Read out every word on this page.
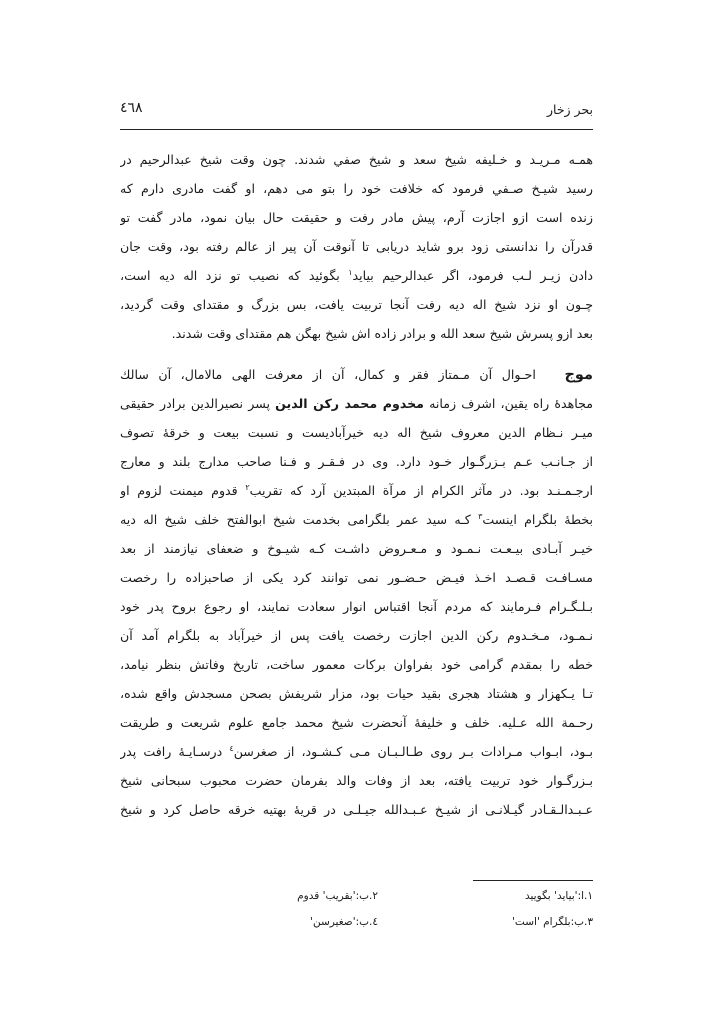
بحر زخار
٤٦٨
همـه مـريـد و خـليفه شيخ سعد و شيخ صفي شدند. چون وقت شيخ عبدالرحيم در
رسيد شيـخ صـفي فرمود كه خلافت خود را بتو مى دهم، او گفت مادرى دارم كه
زنده است ازو اجازت آرم، پيش مادر رفت و حقيقت حال بيان نمود، مادر گفت تو
قدرآن را ندانستى زود برو شايد دريابى تا آنوقت آن پير از عالم رفته بود، وقت جان
دادن زيـر لـب فرمود، اگر عبدالرحيم بيايد$^١$ بگوئيد كه نصيب تو نزد اله ديه است،
چـون او نزد شيخ اله ديه رفت آنجا تربيت يافت، بس بزرگ و مقتداى وقت گرديد،
بعد ازو پسرش شيخ سعد الله و برادر زاده اش شيخ بهگن هم مقتداى وقت شدند.
موج   احـوال آن مـمتاز فقر و كمال، آن از معرفت الهى مالامال، آن سالك
مجاهدهٔ راه يقين، اشرف زمانه مخدوم محمد ركن الدين پسر نصيرالدين برادر حقيقى
ميـر نـظام الدين معروف شيخ اله ديه خيرآباديست و نسبت بيعت و خرقهٔ تصوف
از جـانـب عـم بـزرگـوار خـود دارد. وى در فـقـر و فـنا صاحب مدارج بلند و معارج
ارجـمـنـد بود. در مآثر الكرام از مرآة المبتدين آرد كه تقريب$^٢$ قدوم ميمنت لزوم او
بخطهٔ بلگرام اينست$^٣$ كـه سيد عمر بلگرامى بخدمت شيخ ابوالفتح خلف شيخ اله ديه
خيـر آبـادى بيـعـت نـمـود و مـعـروض داشـت كـه شيـوخ و ضعفاى نيازمند از بعد
مسـافـت قـصـد اخـذ فيـض حـضـور نمى توانند كرد يكى از صاحبزاده را رخصت
بـلـگـرام فـرمايند كه مردم آنجا اقتباس انوار سعادت نمايند، او رجوع بروح پدر خود
نـمـود، مـخـدوم ركن الدين اجازت رخصت يافت پس از خيرآباد به بلگرام آمد آن
خطه را بمقدم گرامى خود بفراوان بركات معمور ساخت، تاريخ وفاتش بنظر نيامد،
تـا يـكهزار و هشتاد هجرى بقيد حيات بود، مزار شريفش بصحن مسجدش واقع شده،
رحـمة الله عـليه. خلف و خليفهٔ آنحضرت شيخ محمد جامع علوم شريعت و طريقت
بـود، ابـواب مـرادات بـر روى طـالـبـان مـى كـشـود، از صغرسن$^٤$ درسـايـهٔ رافت پدر
بـزرگـوار خود تربيت يافته، بعد از وفات والد بفرمان حضرت محبوب سبحانى شيخ
عـبـدالـقـادر گيـلانـى از شيـخ عـبـدالله جيـلـى در قريهٔ بهتيه خرقه حاصل كرد و شيخ
١.ا:'بيايد' بگوييد
٢.ب:'بقريب' قدوم
٣.ب:بلگرام 'است'
٤.ب:'صغيرسن'
